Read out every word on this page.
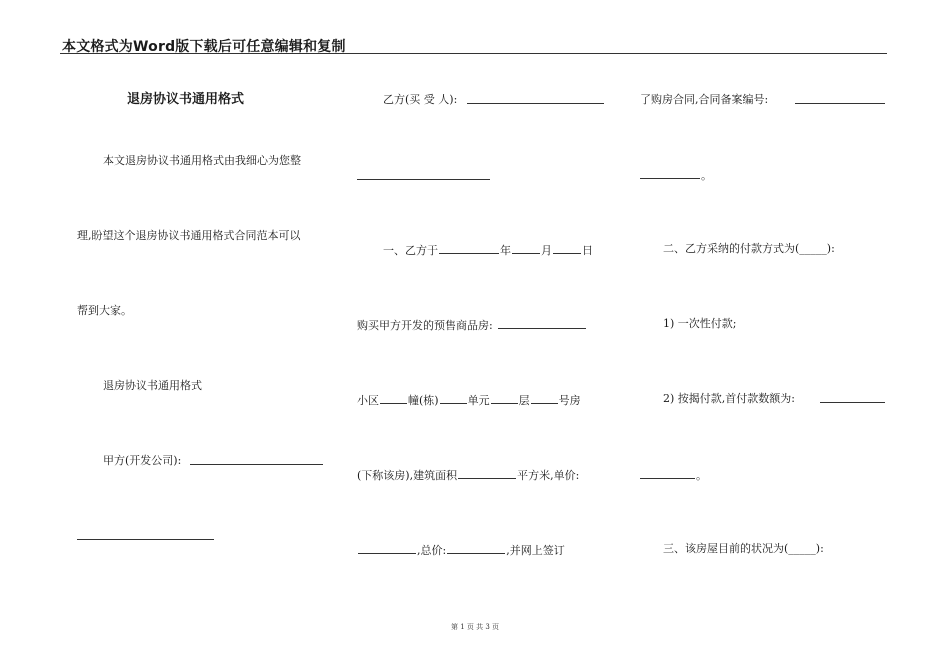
本文格式为Word版下载后可任意编辑和复制
退房协议书通用格式
本文退房协议书通用格式由我细心为您整
理,盼望这个退房协议书通用格式合同范本可以
帮到大家。
退房协议书通用格式
甲方(开发公司):
乙方(买 受 人):
一、乙方于	年	月	日
购买甲方开发的预售商品房:
小区	幢(栋)	单元	层	号房
(下称该房),建筑面积	平方米,单价:
,总价:	,并网上签订
了购房合同,合同备案编号:
。
二、乙方采纳的付款方式为(_____):
1) 一次性付款;
2) 按揭付款,首付款数额为:
。
三、该房屋目前的状况为(_____):
第 1 页 共 3 页
